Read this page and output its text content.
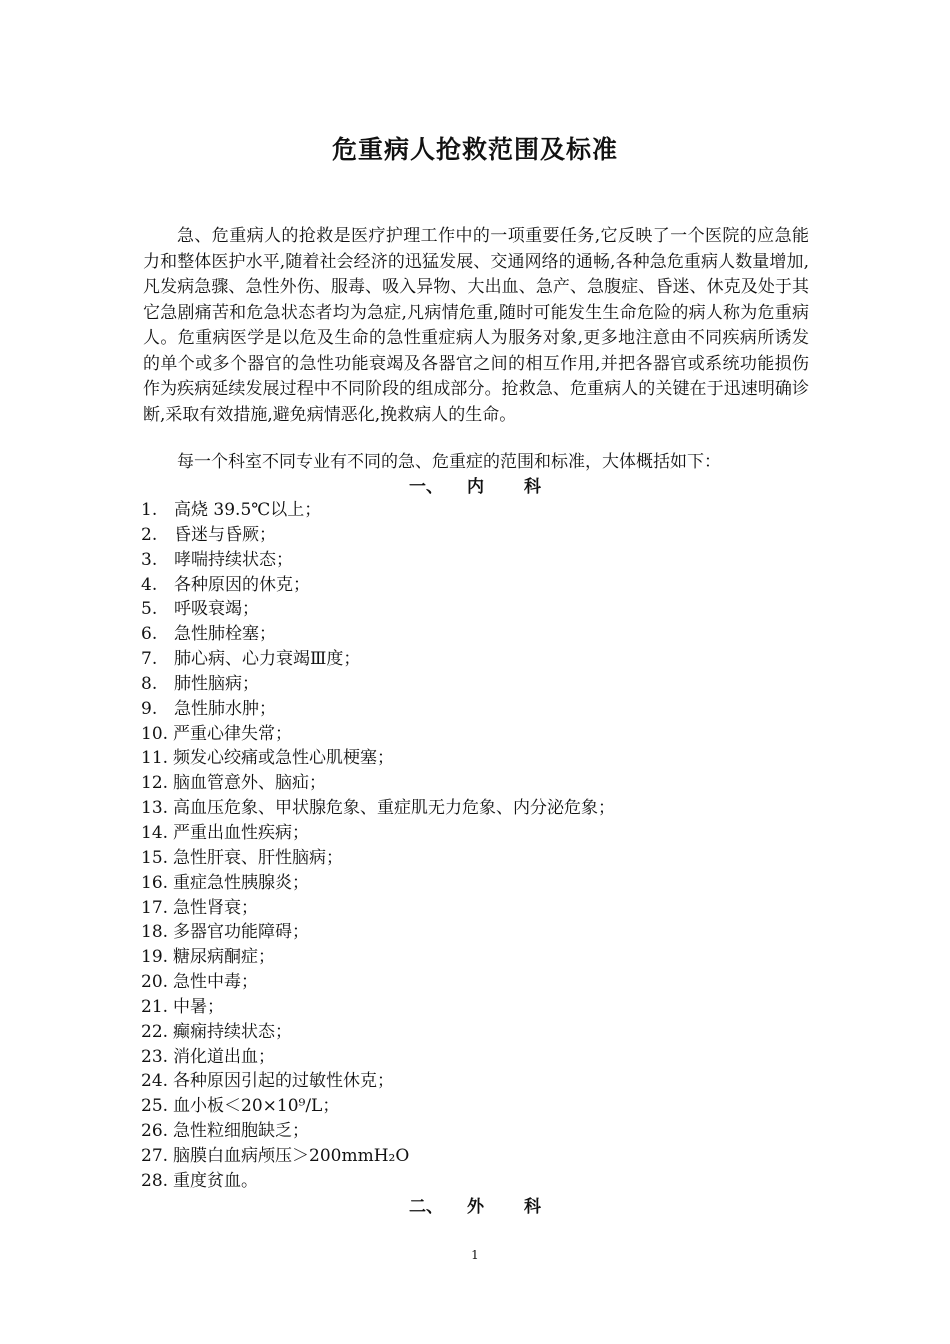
危重病人抢救范围及标准

急、危重病人的抢救是医疗护理工作中的一项重要任务,它反映了一个医院的应急能力和整体医护水平,随着社会经济的迅猛发展、交通网络的通畅,各种急危重病人数量增加,凡发病急骤、急性外伤、服毒、吸入异物、大出血、急产、急腹症、昏迷、休克及处于其它急剧痛苦和危急状态者均为急症,凡病情危重,随时可能发生生命危险的病人称为危重病人。危重病医学是以危及生命的急性重症病人为服务对象,更多地注意由不同疾病所诱发的单个或多个器官的急性功能衰竭及各器官之间的相互作用,并把各器官或系统功能损伤作为疾病延续发展过程中不同阶段的组成部分。抢救急、危重病人的关键在于迅速明确诊断,采取有效措施,避免病情恶化,挽救病人的生命。

每一个科室不同专业有不同的急、危重症的范围和标准，大体概括如下：

一、 内 科
1. 高烧 39.5℃以上；
2. 昏迷与昏厥；
3. 哮喘持续状态；
4. 各种原因的休克；
5. 呼吸衰竭；
6. 急性肺栓塞；
7. 肺心病、心力衰竭Ⅲ度；
8. 肺性脑病；
9. 急性肺水肿；
10. 严重心律失常；
11. 频发心绞痛或急性心肌梗塞；
12. 脑血管意外、脑疝；
13. 高血压危象、甲状腺危象、重症肌无力危象、内分泌危象；
14. 严重出血性疾病；
15. 急性肝衰、肝性脑病；
16. 重症急性胰腺炎；
17. 急性肾衰；
18. 多器官功能障碍；
19. 糖尿病酮症；
20. 急性中毒；
21. 中暑；
22. 癫痫持续状态；
23. 消化道出血；
24. 各种原因引起的过敏性休克；
25. 血小板＜20×10⁹/L；
26. 急性粒细胞缺乏；
27. 脑膜白血病颅压＞200mmH₂O
28. 重度贫血。
二、 外 科
1
